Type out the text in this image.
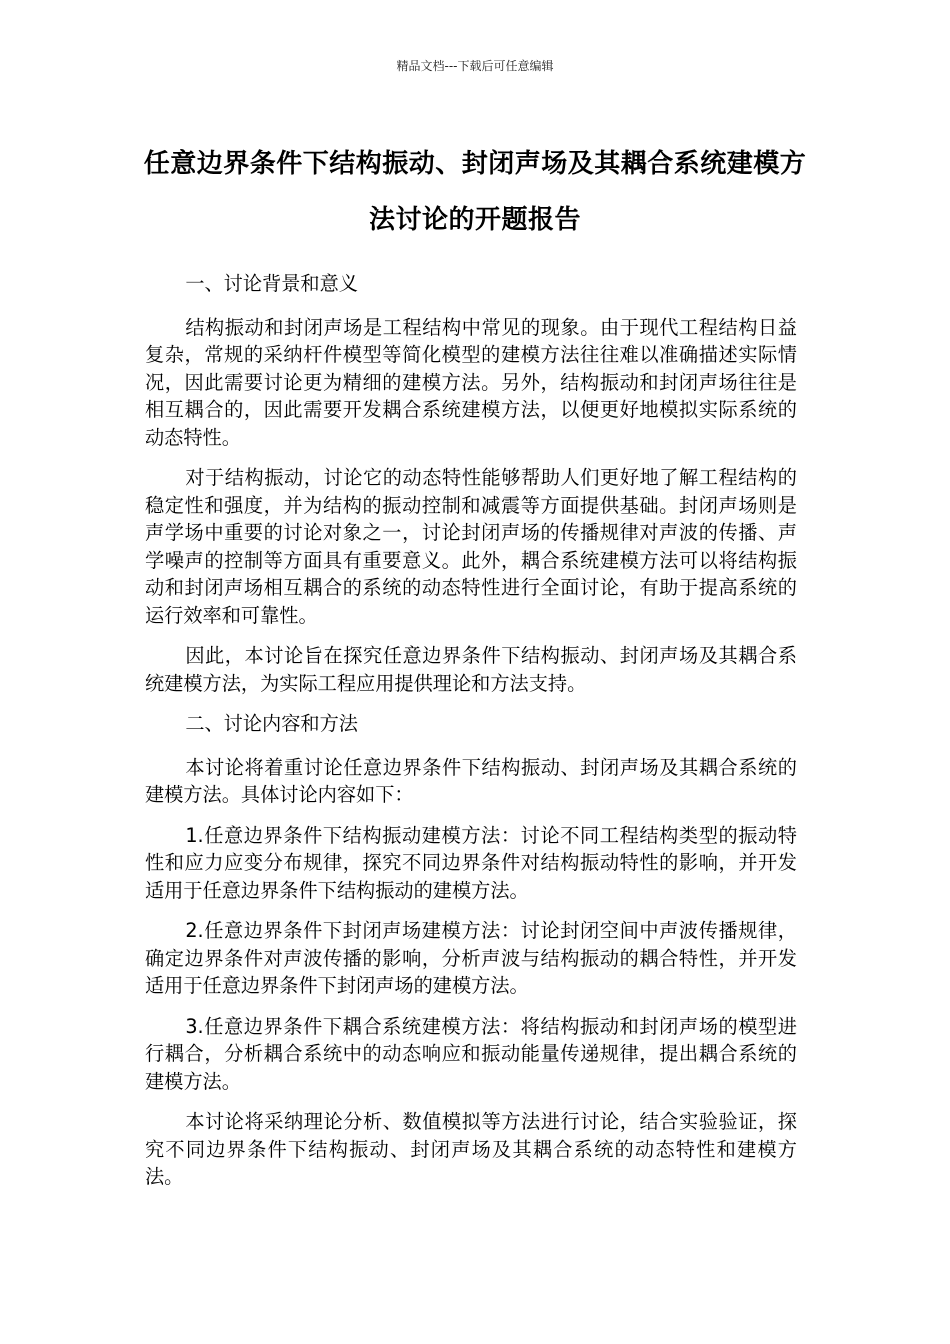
精品文档---下载后可任意编辑
任意边界条件下结构振动、封闭声场及其耦合系统建模方法讨论的开题报告

一、讨论背景和意义

结构振动和封闭声场是工程结构中常见的现象。由于现代工程结构日益复杂，常规的采纳杆件模型等简化模型的建模方法往往难以准确描述实际情况，因此需要讨论更为精细的建模方法。另外，结构振动和封闭声场往往是相互耦合的，因此需要开发耦合系统建模方法，以便更好地模拟实际系统的动态特性。

对于结构振动，讨论它的动态特性能够帮助人们更好地了解工程结构的稳定性和强度，并为结构的振动控制和减震等方面提供基础。封闭声场则是声学场中重要的讨论对象之一，讨论封闭声场的传播规律对声波的传播、声学噪声的控制等方面具有重要意义。此外，耦合系统建模方法可以将结构振动和封闭声场相互耦合的系统的动态特性进行全面讨论，有助于提高系统的运行效率和可靠性。

因此，本讨论旨在探究任意边界条件下结构振动、封闭声场及其耦合系统建模方法，为实际工程应用提供理论和方法支持。

二、讨论内容和方法

本讨论将着重讨论任意边界条件下结构振动、封闭声场及其耦合系统的建模方法。具体讨论内容如下：

1.任意边界条件下结构振动建模方法：讨论不同工程结构类型的振动特性和应力应变分布规律，探究不同边界条件对结构振动特性的影响，并开发适用于任意边界条件下结构振动的建模方法。

2.任意边界条件下封闭声场建模方法：讨论封闭空间中声波传播规律，确定边界条件对声波传播的影响，分析声波与结构振动的耦合特性，并开发适用于任意边界条件下封闭声场的建模方法。

3.任意边界条件下耦合系统建模方法：将结构振动和封闭声场的模型进行耦合，分析耦合系统中的动态响应和振动能量传递规律，提出耦合系统的建模方法。

本讨论将采纳理论分析、数值模拟等方法进行讨论，结合实验验证，探究不同边界条件下结构振动、封闭声场及其耦合系统的动态特性和建模方法。
